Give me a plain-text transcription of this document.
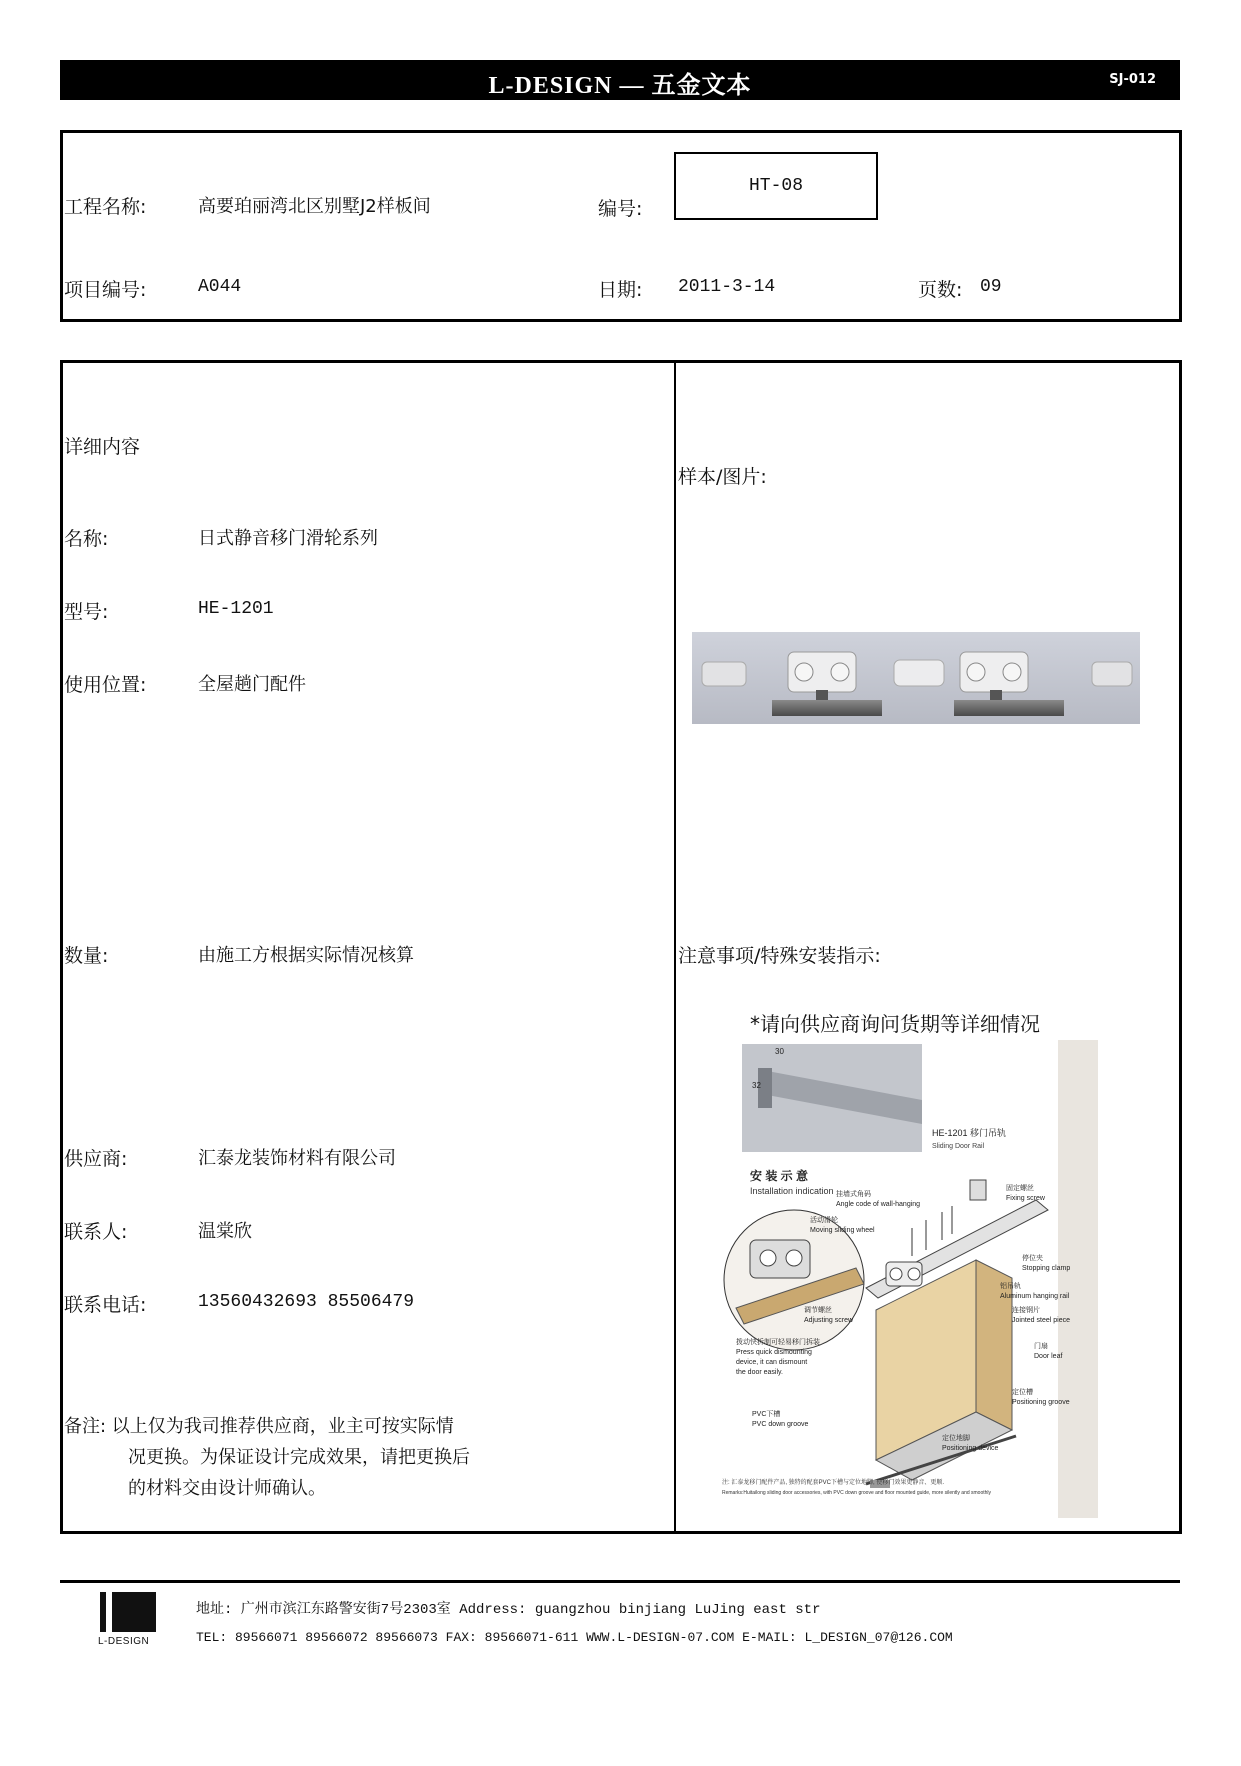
L-DESIGN — 五金文本	SJ-012
工程名称:	高要珀丽湾北区别墅J2样板间	编号:
HT-08
项目编号:	A044	日期: 2011-3-14	页数: 09
详细内容
名称:	日式静音移门滑轮系列
型号:	HE-1201
使用位置:	全屋趟门配件
数量:	由施工方根据实际情况核算
供应商:	汇泰龙装饰材料有限公司
联系人:	温棠欣
联系电话:	13560432693 85506479
备注: 以上仅为我司推荐供应商，业主可按实际情
况更换。为保证设计完成效果，请把更换后
的材料交由设计师确认。
样本/图片:
注意事项/特殊安装指示:
*请向供应商询问货期等详细情况
30
32
HE-1201 移门吊轨
Sliding Door Rail
安 装 示 意
Installation indication 挂墙式角码
Angle code of wall-hanging
固定螺丝
Fixing screw
活动滑轮
Moving sliding wheel
停位夹
Stopping clamp
铝吊轨
Aluminum hanging rail
调节螺丝
Adjusting screw
连接钢片
Jointed steel piece
拨动快拆制可轻易移门拆装
Press quick dismounting
device, it can dismount
the door easily.
门扇
Door leaf
定位槽
Positioning groove
PVC下槽
PVC down groove
定位地脚
Positioning device
注: 汇泰龙移门配件产品, 独特的配套PVC下槽与定位地脚, 使移门效果更静音、更顺.
Remarks:Huitailong sliding door accessories, with PVC down groove and floor mounted guide, more silently and smoothly
L-DESIGN
地址: 广州市滨江东路警安街7号2303室 Address: guangzhou binjiang LuJing east str
TEL: 89566071 89566072 89566073 FAX: 89566071-611 WWW.L-DESIGN-07.COM E-MAIL: L_DESIGN_07@126.COM
